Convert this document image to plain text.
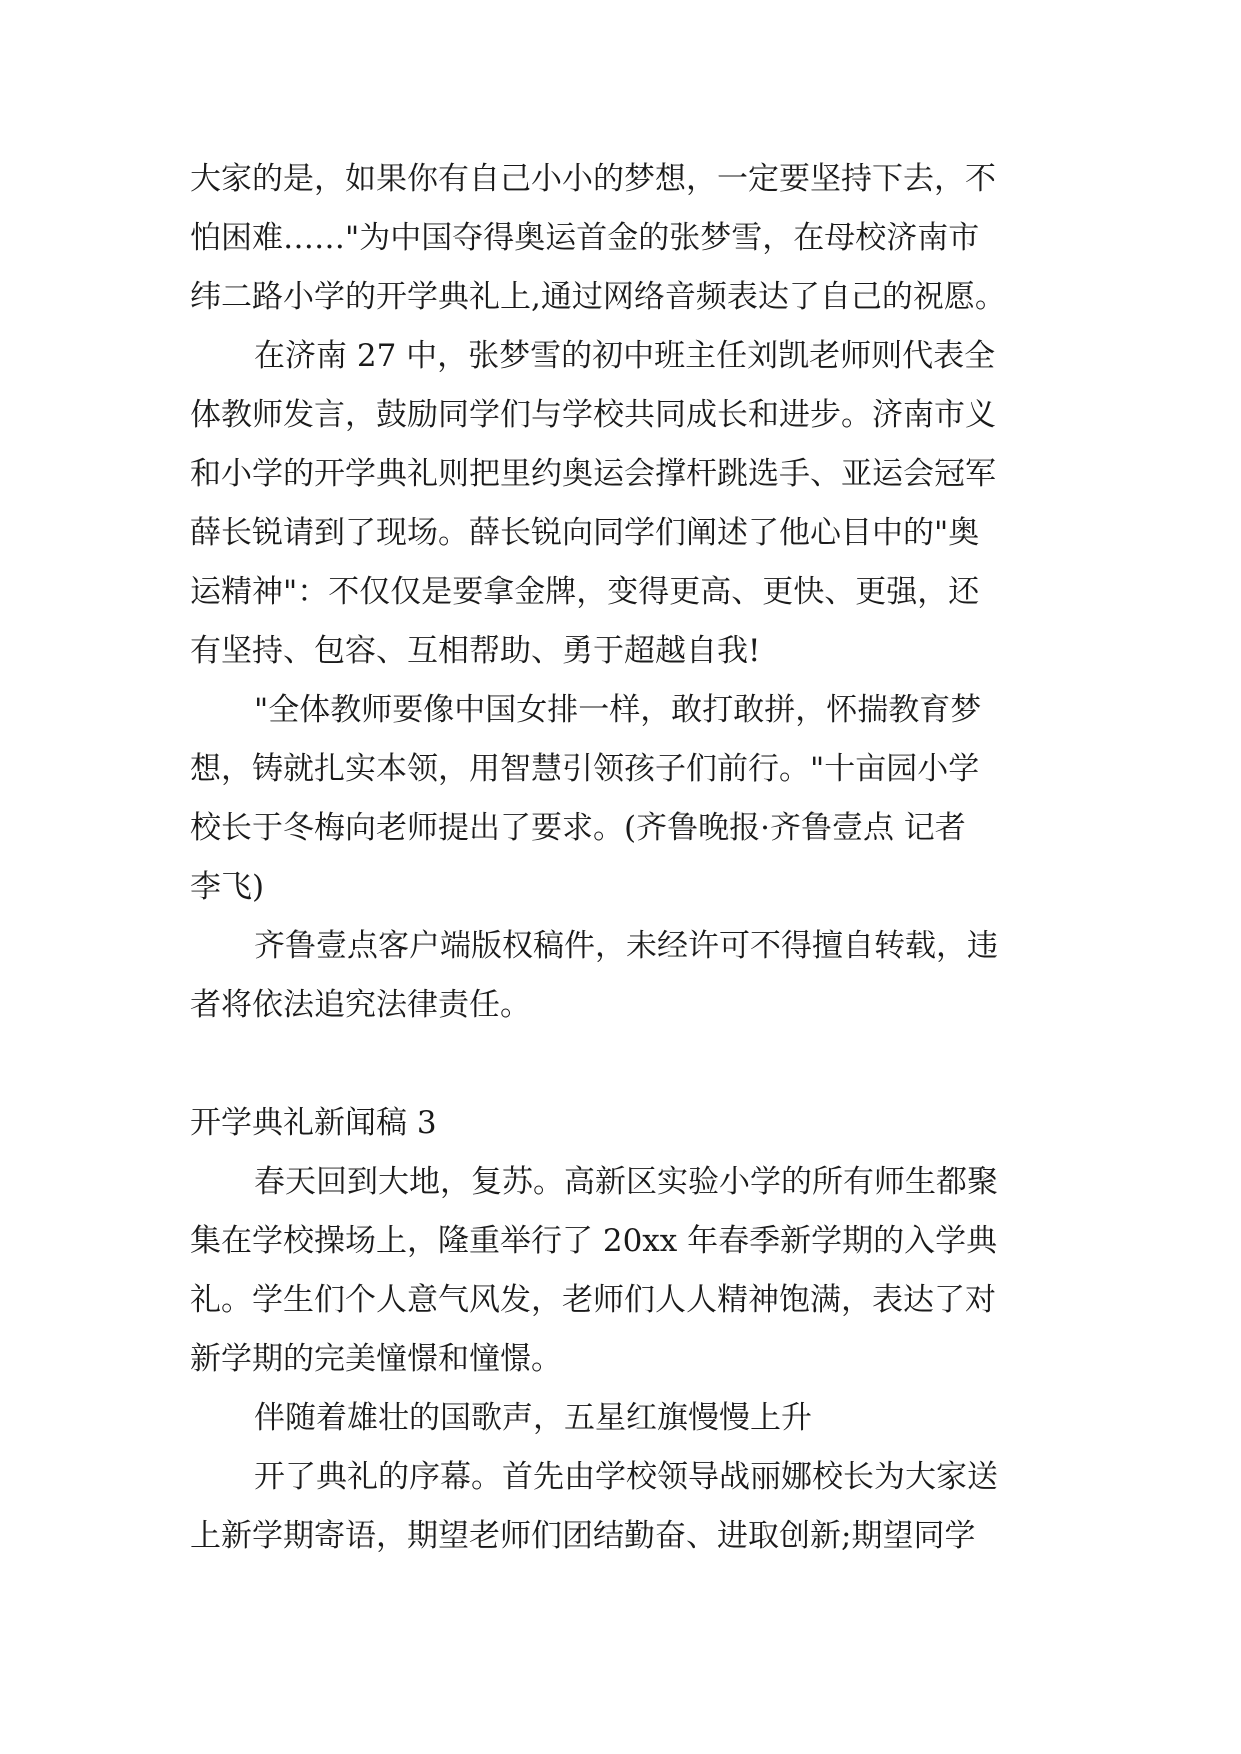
大家的是，如果你有自己小小的梦想，一定要坚持下去，不
怕困难……"为中国夺得奥运首金的张梦雪，在母校济南市
纬二路小学的开学典礼上,通过网络音频表达了自己的祝愿。
在济南 27 中，张梦雪的初中班主任刘凯老师则代表全
体教师发言，鼓励同学们与学校共同成长和进步。济南市义
和小学的开学典礼则把里约奥运会撑杆跳选手、亚运会冠军
薛长锐请到了现场。薛长锐向同学们阐述了他心目中的"奥
运精神"：不仅仅是要拿金牌，变得更高、更快、更强，还
有坚持、包容、互相帮助、勇于超越自我!
"全体教师要像中国女排一样，敢打敢拼，怀揣教育梦
想，铸就扎实本领，用智慧引领孩子们前行。"十亩园小学
校长于冬梅向老师提出了要求。(齐鲁晚报·齐鲁壹点 记者
李飞)
齐鲁壹点客户端版权稿件，未经许可不得擅自转载，违
者将依法追究法律责任。
开学典礼新闻稿 3
春天回到大地，复苏。高新区实验小学的所有师生都聚
集在学校操场上，隆重举行了 20xx 年春季新学期的入学典
礼。学生们个人意气风发，老师们人人精神饱满，表达了对
新学期的完美憧憬和憧憬。
伴随着雄壮的国歌声，五星红旗慢慢上升
开了典礼的序幕。首先由学校领导战丽娜校长为大家送
上新学期寄语，期望老师们团结勤奋、进取创新;期望同学
